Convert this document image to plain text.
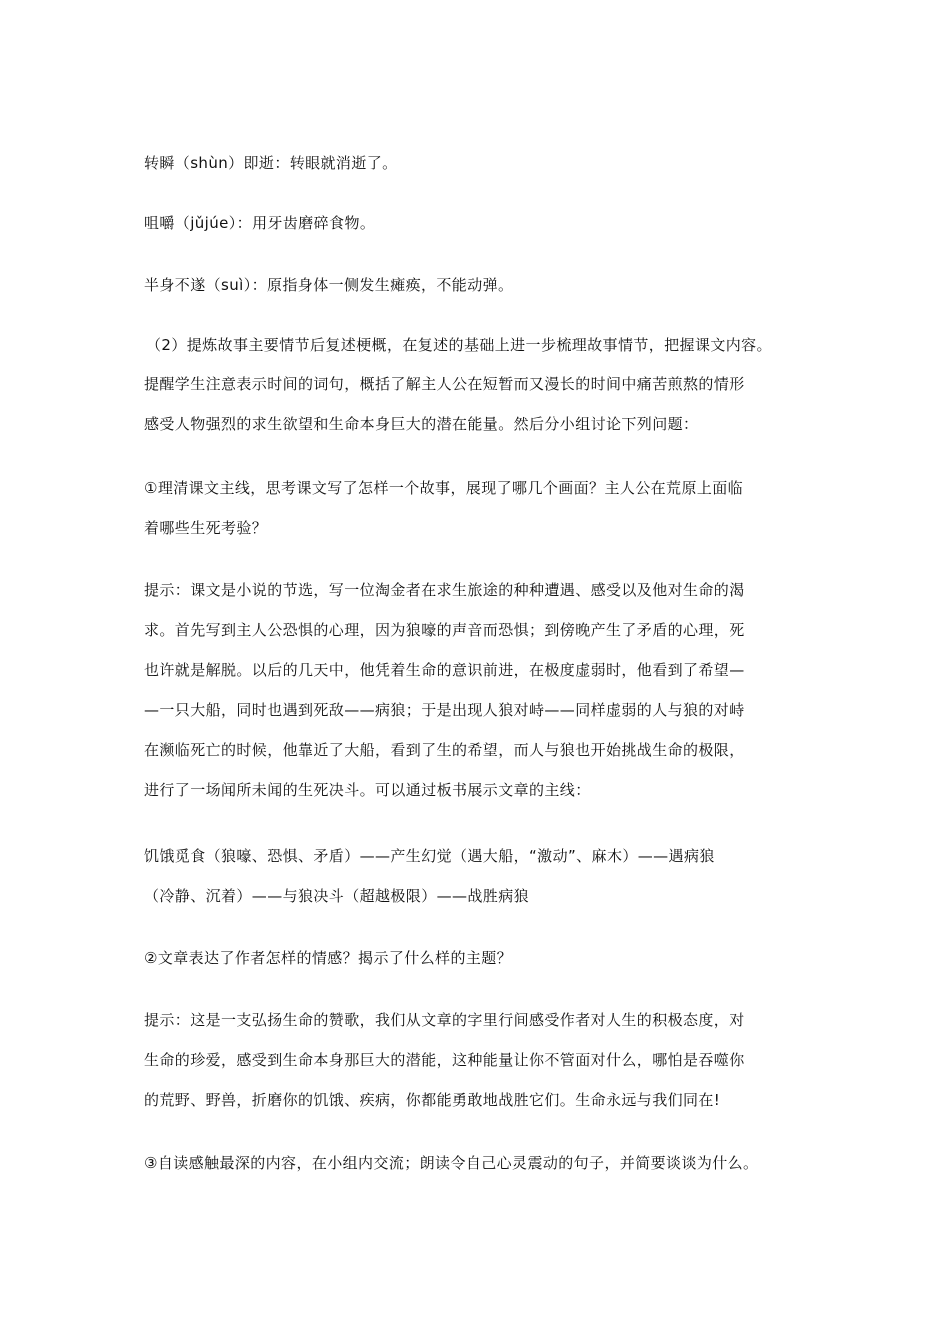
转瞬（shùn）即逝：转眼就消逝了。
咀嚼（jǔjúe）：用牙齿磨碎食物。
半身不遂（suì）：原指身体一侧发生瘫痪，不能动弹。
（2）提炼故事主要情节后复述梗概，在复述的基础上进一步梳理故事情节，把握课文内容。
提醒学生注意表示时间的词句，概括了解主人公在短暂而又漫长的时间中痛苦煎熬的情形
感受人物强烈的求生欲望和生命本身巨大的潜在能量。然后分小组讨论下列问题：
①理清课文主线，思考课文写了怎样一个故事，展现了哪几个画面？主人公在荒原上面临
着哪些生死考验？
提示：课文是小说的节选，写一位淘金者在求生旅途的种种遭遇、感受以及他对生命的渴
求。首先写到主人公恐惧的心理，因为狼嚎的声音而恐惧；到傍晚产生了矛盾的心理，死
也许就是解脱。以后的几天中，他凭着生命的意识前进，在极度虚弱时，他看到了希望—
—一只大船，同时也遇到死敌——病狼；于是出现人狼对峙——同样虚弱的人与狼的对峙
在濒临死亡的时候，他靠近了大船，看到了生的希望，而人与狼也开始挑战生命的极限，
进行了一场闻所未闻的生死决斗。可以通过板书展示文章的主线：
饥饿觅食（狼嚎、恐惧、矛盾）——产生幻觉（遇大船，“激动”、麻木）——遇病狼
（冷静、沉着）——与狼决斗（超越极限）——战胜病狼
②文章表达了作者怎样的情感？揭示了什么样的主题？
提示：这是一支弘扬生命的赞歌，我们从文章的字里行间感受作者对人生的积极态度，对
生命的珍爱，感受到生命本身那巨大的潜能，这种能量让你不管面对什么，哪怕是吞噬你
的荒野、野兽，折磨你的饥饿、疾病，你都能勇敢地战胜它们。生命永远与我们同在!
③自读感触最深的内容，在小组内交流；朗读令自己心灵震动的句子，并简要谈谈为什么。
